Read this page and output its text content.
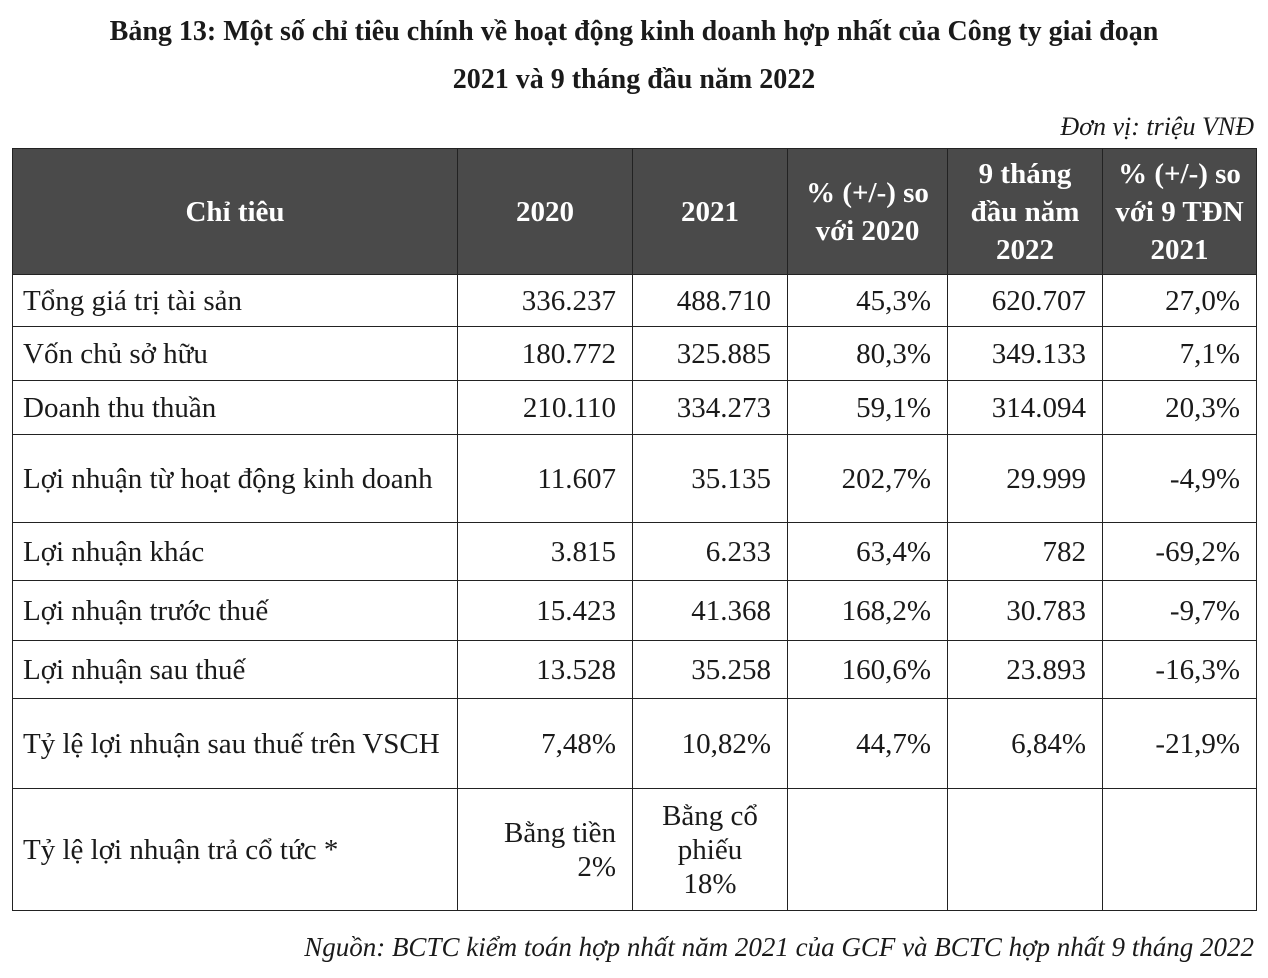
Bảng 13: Một số chỉ tiêu chính về hoạt động kinh doanh hợp nhất của Công ty giai đoạn
2021 và 9 tháng đầu năm 2022
Đơn vị: triệu VNĐ
Chỉ tiêu	2020	2021	% (+/-) so với 2020	9 tháng đầu năm 2022	% (+/-) so với 9 TĐN 2021
Tổng giá trị tài sản	336.237	488.710	45,3%	620.707	27,0%
Vốn chủ sở hữu	180.772	325.885	80,3%	349.133	7,1%
Doanh thu thuần	210.110	334.273	59,1%	314.094	20,3%
Lợi nhuận từ hoạt động kinh doanh	11.607	35.135	202,7%	29.999	-4,9%
Lợi nhuận khác	3.815	6.233	63,4%	782	-69,2%
Lợi nhuận trước thuế	15.423	41.368	168,2%	30.783	-9,7%
Lợi nhuận sau thuế	13.528	35.258	160,6%	23.893	-16,3%
Tỷ lệ lợi nhuận sau thuế trên VSCH	7,48%	10,82%	44,7%	6,84%	-21,9%
Tỷ lệ lợi nhuận trả cổ tức *	Bằng tiền 2%	Bằng cổ phiếu 18%			
Nguồn: BCTC kiểm toán hợp nhất năm 2021 của GCF và BCTC hợp nhất 9 tháng 2022
